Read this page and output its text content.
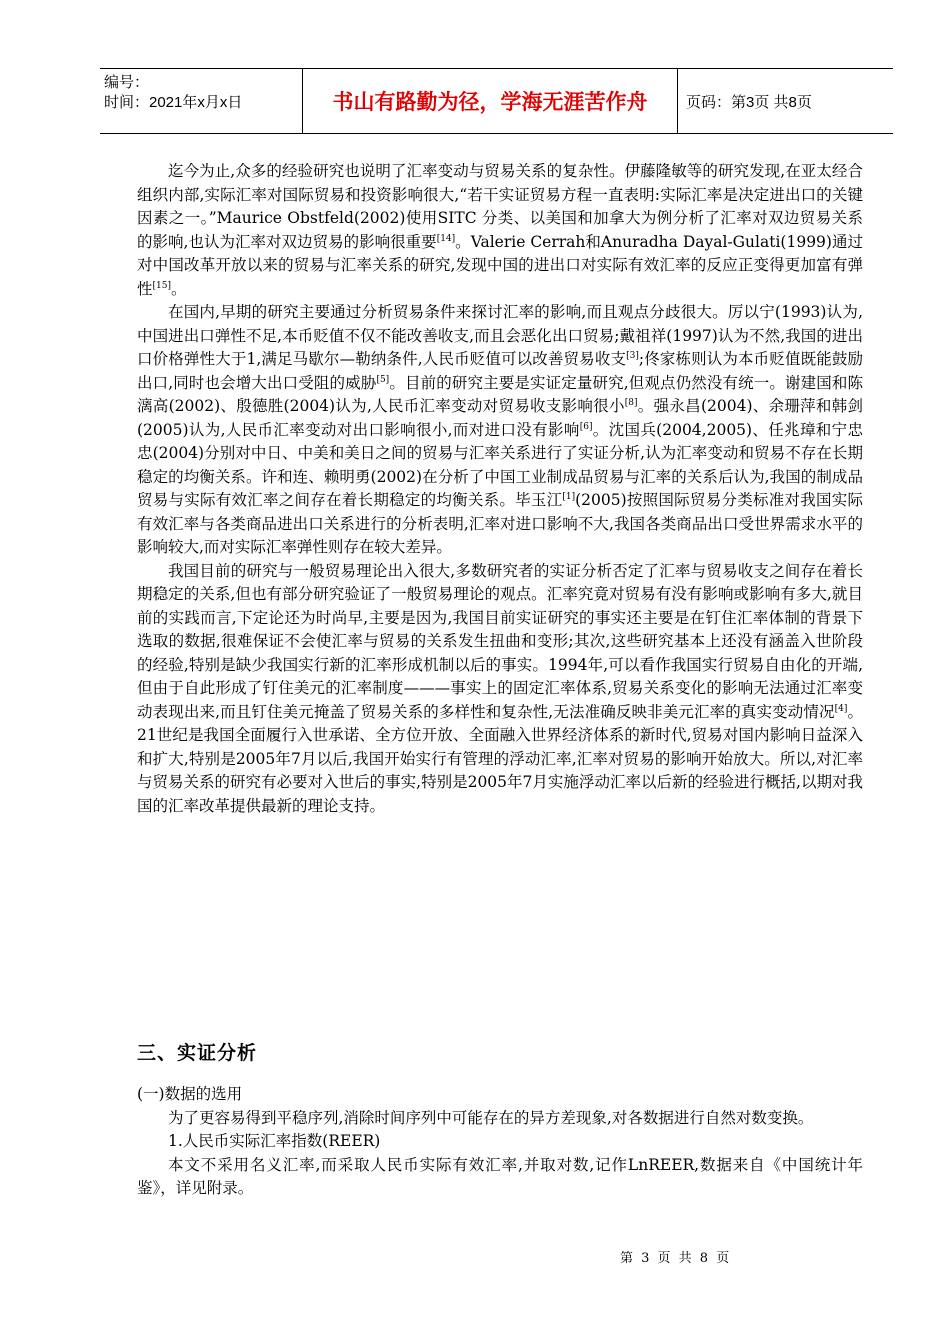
编号：
时间：2021年x月x日	书山有路勤为径，学海无涯苦作舟	页码：第3页 共8页

迄今为止,众多的经验研究也说明了汇率变动与贸易关系的复杂性。伊藤隆敏等的研究发现,在亚太经合组织内部,实际汇率对国际贸易和投资影响很大,“若干实证贸易方程一直表明:实际汇率是决定进出口的关键因素之一。”Maurice Obstfeld(2002)使用SITC 分类、以美国和加拿大为例分析了汇率对双边贸易关系的影响,也认为汇率对双边贸易的影响很重要[14]。Valerie Cerrah和Anuradha Dayal-Gulati(1999)通过对中国改革开放以来的贸易与汇率关系的研究,发现中国的进出口对实际有效汇率的反应正变得更加富有弹性[15]。

在国内,早期的研究主要通过分析贸易条件来探讨汇率的影响,而且观点分歧很大。厉以宁(1993)认为,中国进出口弹性不足,本币贬值不仅不能改善收支,而且会恶化出口贸易;戴祖祥(1997)认为不然,我国的进出口价格弹性大于1,满足马歇尔—勒纳条件,人民币贬值可以改善贸易收支[3];佟家栋则认为本币贬值既能鼓励出口,同时也会增大出口受阻的威胁[5]。目前的研究主要是实证定量研究,但观点仍然没有统一。谢建国和陈漓高(2002)、殷德胜(2004)认为,人民币汇率变动对贸易收支影响很小[8]。强永昌(2004)、余珊萍和韩剑(2005)认为,人民币汇率变动对出口影响很小,而对进口没有影响[6]。沈国兵(2004,2005)、任兆璋和宁忠忠(2004)分别对中日、中美和美日之间的贸易与汇率关系进行了实证分析,认为汇率变动和贸易不存在长期稳定的均衡关系。许和连、赖明勇(2002)在分析了中国工业制成品贸易与汇率的关系后认为,我国的制成品贸易与实际有效汇率之间存在着长期稳定的均衡关系。毕玉江[1](2005)按照国际贸易分类标准对我国实际有效汇率与各类商品进出口关系进行的分析表明,汇率对进口影响不大,我国各类商品出口受世界需求水平的影响较大,而对实际汇率弹性则存在较大差异。

我国目前的研究与一般贸易理论出入很大,多数研究者的实证分析否定了汇率与贸易收支之间存在着长期稳定的关系,但也有部分研究验证了一般贸易理论的观点。汇率究竟对贸易有没有影响或影响有多大,就目前的实践而言,下定论还为时尚早,主要是因为,我国目前实证研究的事实还主要是在钉住汇率体制的背景下选取的数据,很难保证不会使汇率与贸易的关系发生扭曲和变形;其次,这些研究基本上还没有涵盖入世阶段的经验,特别是缺少我国实行新的汇率形成机制以后的事实。1994年,可以看作我国实行贸易自由化的开端,但由于自此形成了钉住美元的汇率制度———事实上的固定汇率体系,贸易关系变化的影响无法通过汇率变动表现出来,而且钉住美元掩盖了贸易关系的多样性和复杂性,无法准确反映非美元汇率的真实变动情况[4]。21世纪是我国全面履行入世承诺、全方位开放、全面融入世界经济体系的新时代,贸易对国内影响日益深入和扩大,特别是2005年7月以后,我国开始实行有管理的浮动汇率,汇率对贸易的影响开始放大。所以,对汇率与贸易关系的研究有必要对入世后的事实,特别是2005年7月实施浮动汇率以后新的经验进行概括,以期对我国的汇率改革提供最新的理论支持。

三、实证分析

(一)数据的选用

为了更容易得到平稳序列,消除时间序列中可能存在的异方差现象,对各数据进行自然对数变换。

1.人民币实际汇率指数(REER)

本文不采用名义汇率,而采取人民币实际有效汇率,并取对数,记作LnREER,数据来自《中国统计年鉴》，详见附录。

第 3 页 共 8 页
